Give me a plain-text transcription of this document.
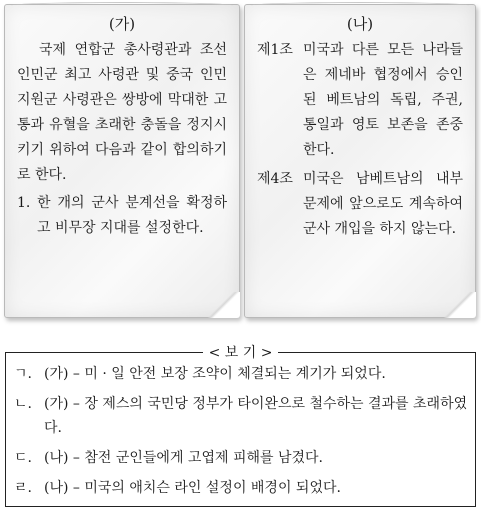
(가)
국제 연합군 총사령관과 조선 인민군 최고 사령관 및 중국 인민 지원군 사령관은 쌍방에 막대한 고통과 유혈을 초래한 충돌을 정지시키기 위하여 다음과 같이 합의하기로 한다.
1. 한 개의 군사 분계선을 확정하고 비무장 지대를 설정한다.
(나)
제1조 미국과 다른 모든 나라들은 제네바 협정에서 승인된 베트남의 독립, 주권, 통일과 영토 보존을 존중한다.
제4조 미국은 남베트남의 내부 문제에 앞으로도 계속하여 군사 개입을 하지 않는다.
< 보 기 >
ㄱ. (가) – 미 · 일 안전 보장 조약이 체결되는 계기가 되었다.
ㄴ. (가) – 장 제스의 국민당 정부가 타이완으로 철수하는 결과를 초래하였다.
ㄷ. (나) – 참전 군인들에게 고엽제 피해를 남겼다.
ㄹ. (나) – 미국의 애치슨 라인 설정이 배경이 되었다.
